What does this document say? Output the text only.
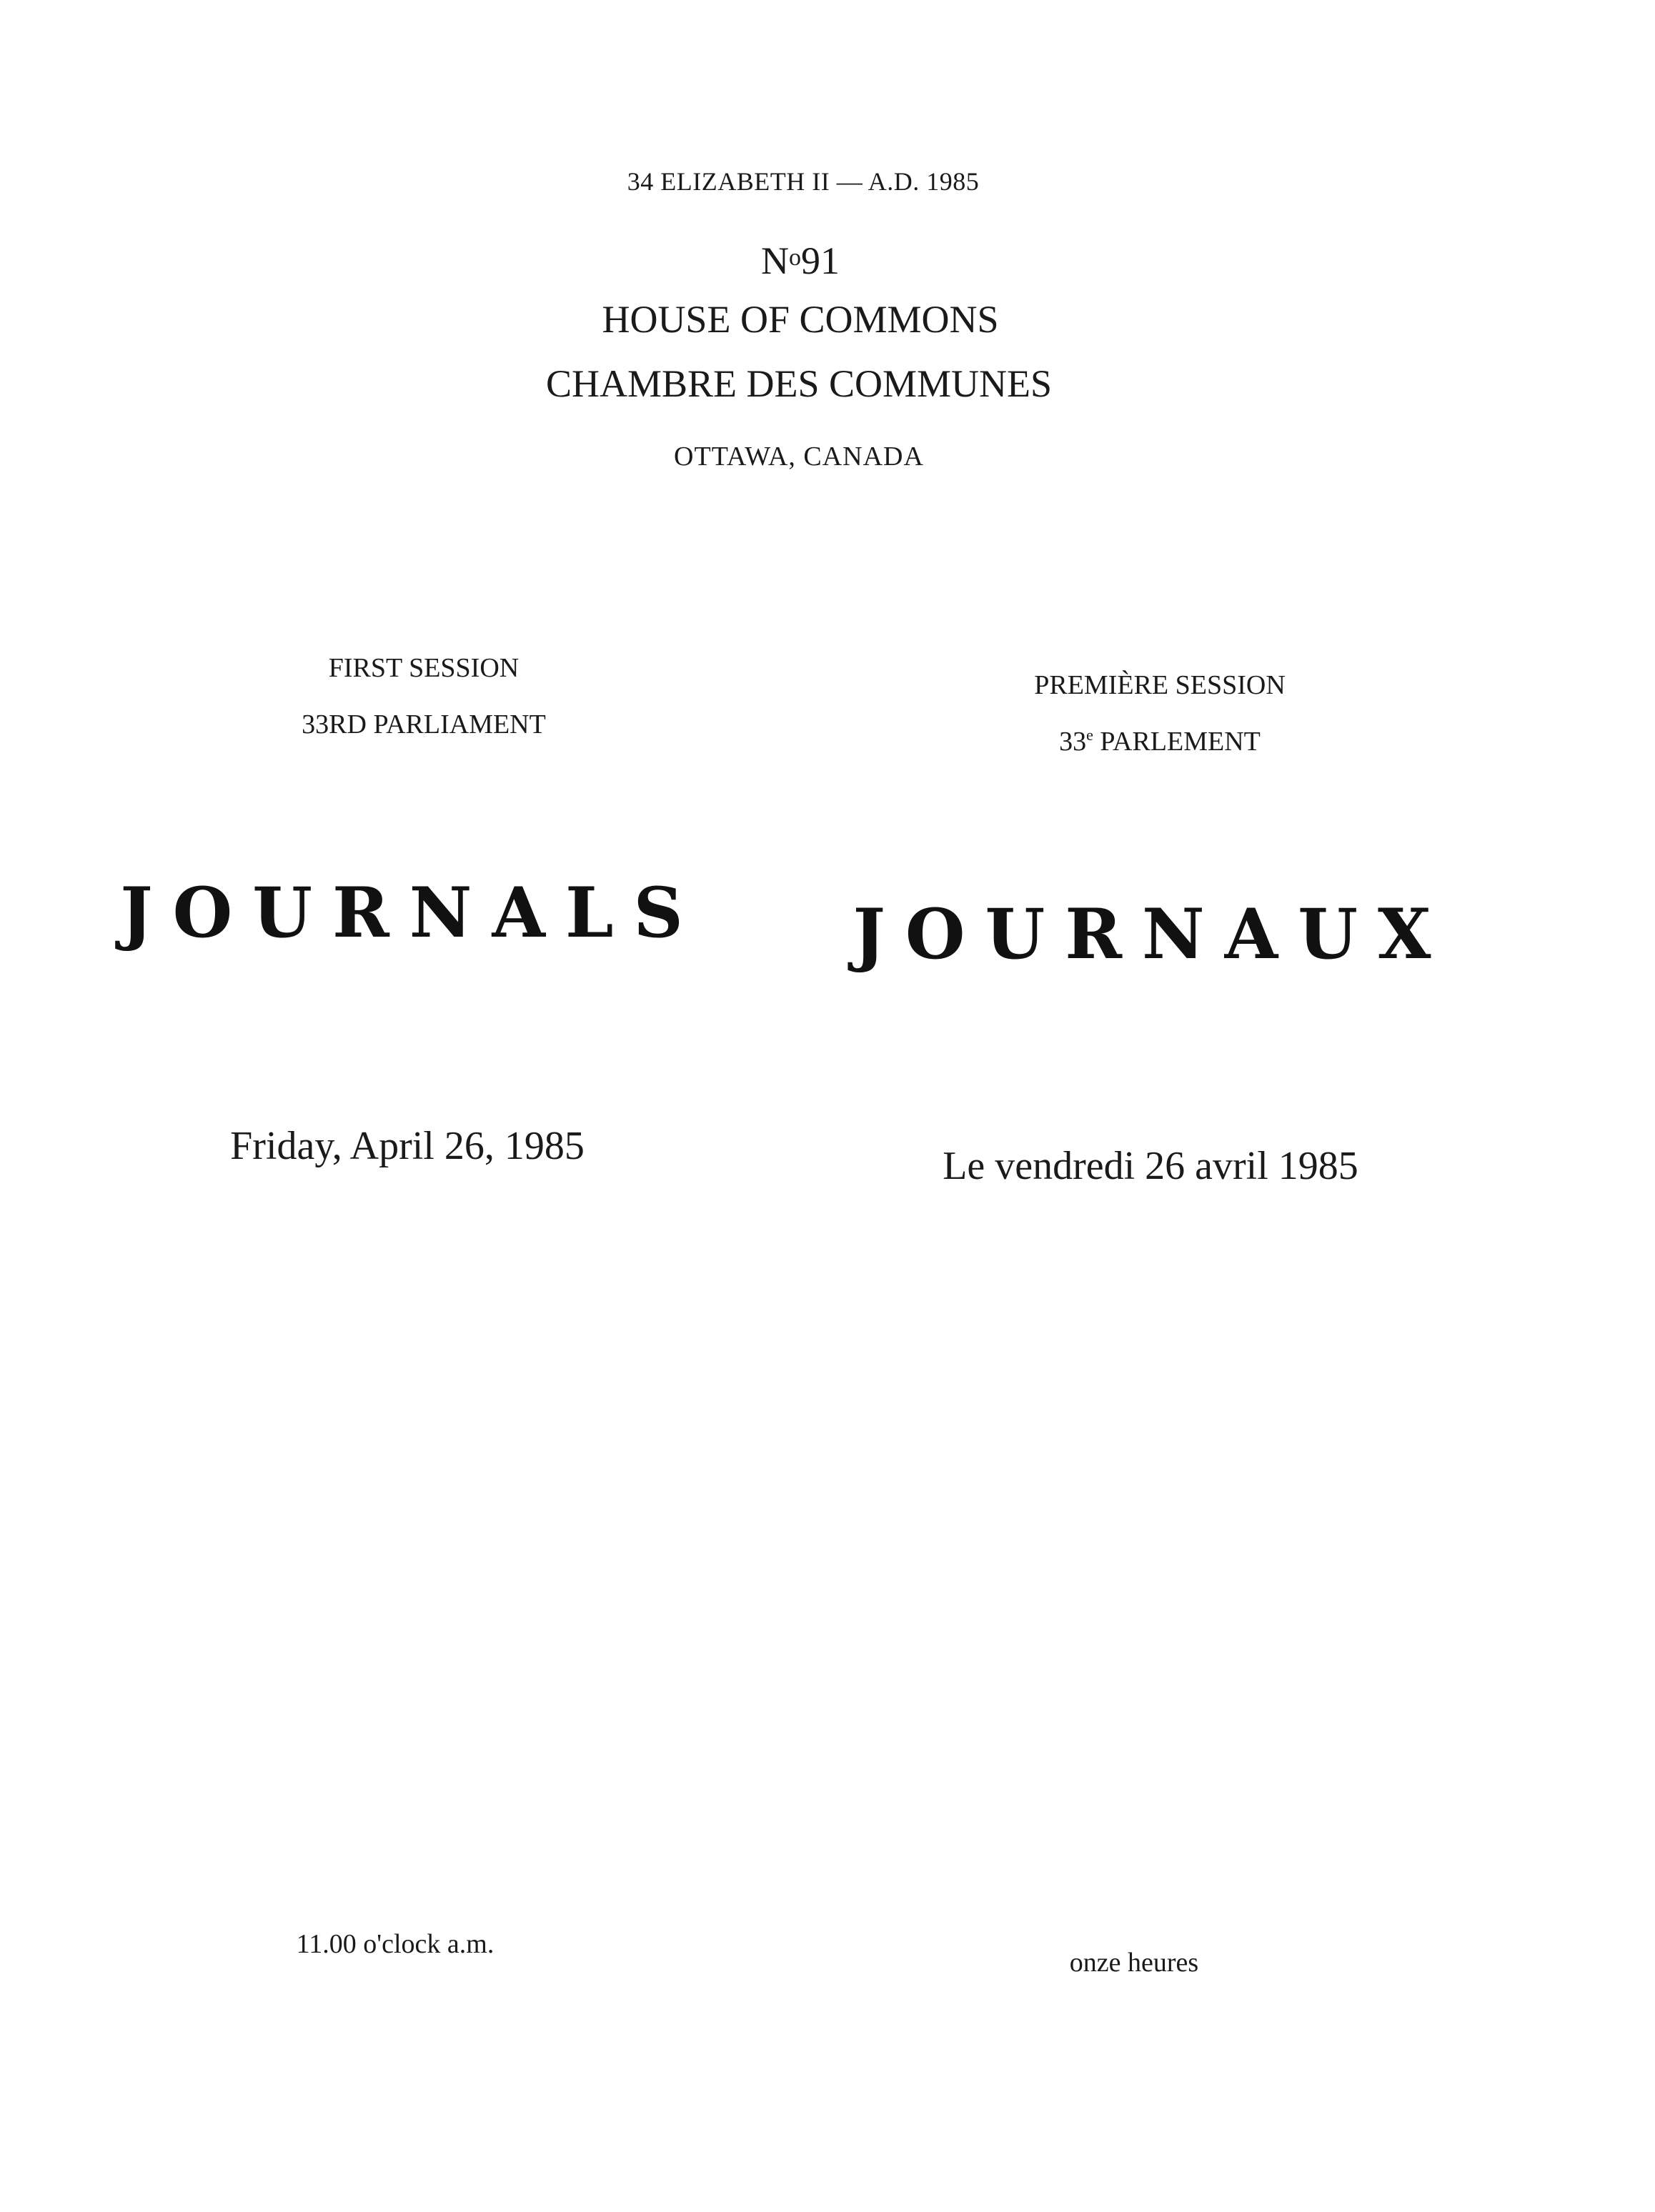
34 ELIZABETH II — A.D. 1985
$N^o91$
HOUSE OF COMMONS
CHAMBRE DES COMMUNES
OTTAWA, CANADA
FIRST SESSION
33RD PARLIAMENT
PREMIÈRE SESSION
33e PARLEMENT
JOURNALS JOURNAUX
Friday, April 26, 1985	Le vendredi 26 avril 1985
11.00 o'clock a.m.
onze heures
